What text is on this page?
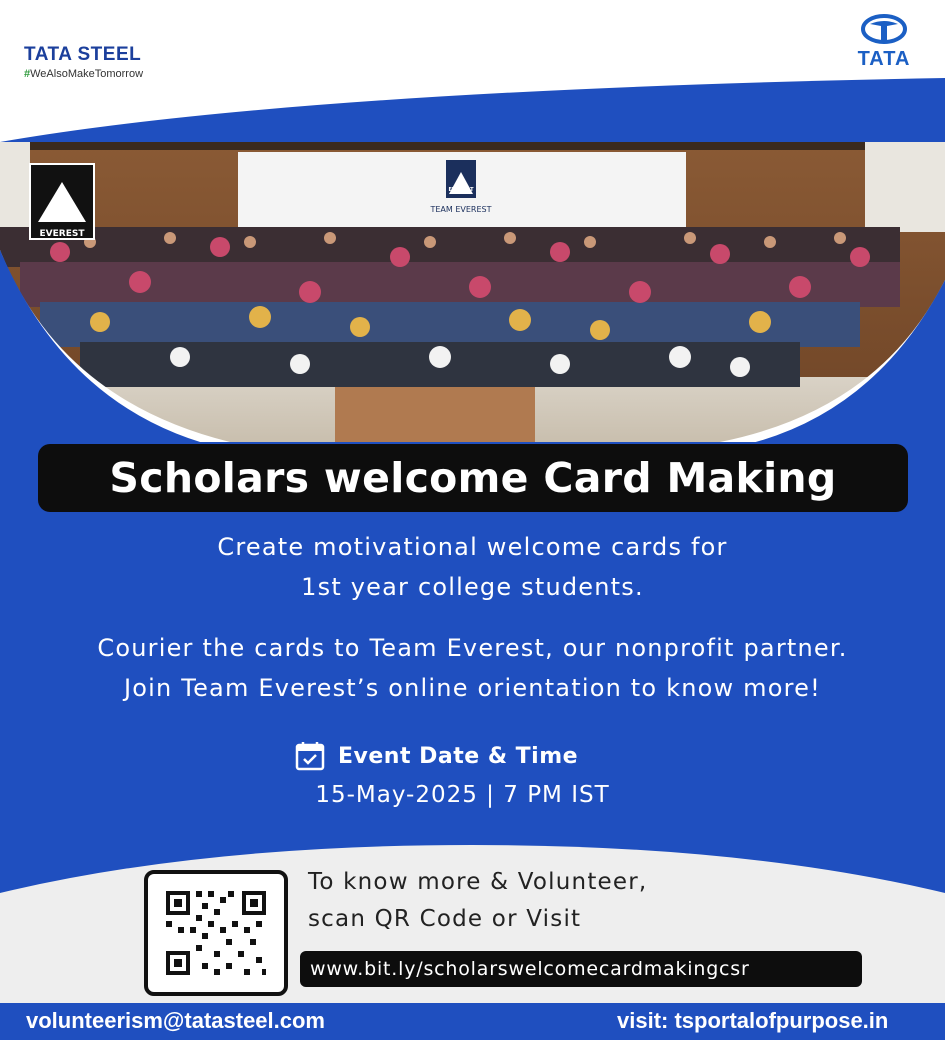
TATA STEEL
#WeAlsoMakeTomorrow
TATA
EVEREST
EVEREST
TEAM EVEREST
Scholars welcome Card Making
Create motivational welcome cards for
1st year college students.
Courier the cards to Team Everest, our nonprofit partner.
Join Team Everest’s online orientation to know more!
Event Date & Time
15-May-2025 | 7 PM IST
To know more & Volunteer,
scan QR Code or Visit
www.bit.ly/scholarswelcomecardmakingcsr
volunteerism@tatasteel.com	visit: tsportalofpurpose.in
